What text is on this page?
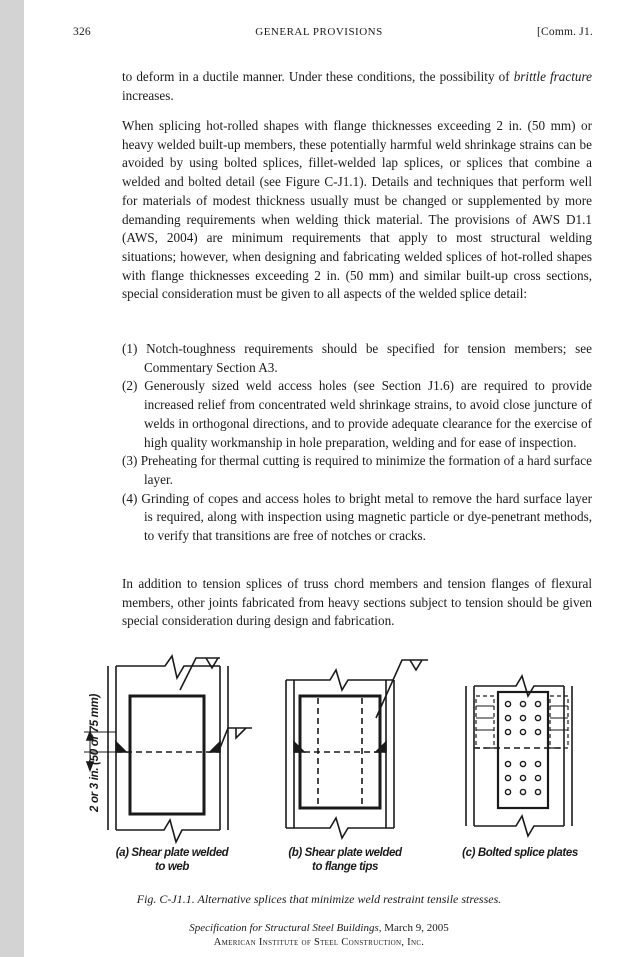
GENERAL PROVISIONS
326	[Comm. J1.

to deform in a ductile manner. Under these conditions, the possibility of brittle fracture increases.

When splicing hot-rolled shapes with flange thicknesses exceeding 2 in. (50 mm) or heavy welded built-up members, these potentially harmful weld shrinkage strains can be avoided by using bolted splices, fillet-welded lap splices, or splices that combine a welded and bolted detail (see Figure C-J1.1). Details and techniques that perform well for materials of modest thickness usually must be changed or supplemented by more demanding requirements when welding thick material. The provisions of AWS D1.1 (AWS, 2004) are minimum requirements that apply to most structural welding situations; however, when designing and fabricating welded splices of hot-rolled shapes with flange thicknesses exceeding 2 in. (50 mm) and similar built-up cross sections, special consideration must be given to all aspects of the welded splice detail:

(1) Notch-toughness requirements should be specified for tension members; see Commentary Section A3.

(2) Generously sized weld access holes (see Section J1.6) are required to provide increased relief from concentrated weld shrinkage strains, to avoid close juncture of welds in orthogonal directions, and to provide adequate clearance for the exercise of high quality workmanship in hole preparation, welding and for ease of inspection.

(3) Preheating for thermal cutting is required to minimize the formation of a hard surface layer.

(4) Grinding of copes and access holes to bright metal to remove the hard surface layer is required, along with inspection using magnetic particle or dye-penetrant methods, to verify that transitions are free of notches or cracks.

In addition to tension splices of truss chord members and tension flanges of flexural members, other joints fabricated from heavy sections subject to tension should be given special consideration during design and fabrication.

2 or 3 in. (50 or 75 mm)
(a) Shear plate welded
to web
(b) Shear plate welded
to flange tips
(c) Bolted splice plates
Fig. C-J1.1. Alternative splices that minimize weld restraint tensile stresses.
Specification for Structural Steel Buildings, March 9, 2005
American Institute of Steel Construction, Inc.
